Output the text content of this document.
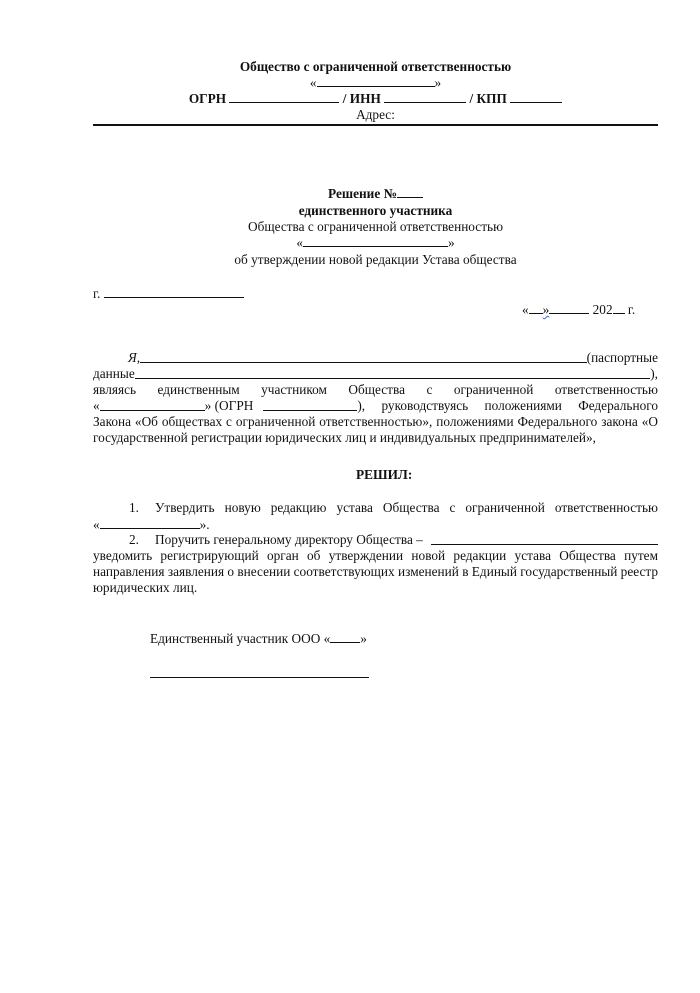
Общество с ограниченной ответственностью
«	»
ОГРН	/ ИНН	/ КПП
Адрес:
Решение №
единственного участника
Общества с ограниченной ответственностью
«	»
об утверждении новой редакции Устава общества
г.
« »	202 г.
Я,	(паспортные
данные	),
являясь единственным участником Общества с ограниченной ответственностью
«	» (ОГРН	), руководствуясь положениями Федерального
Закона «Об обществах с ограниченной ответственностью», положениями Федерального закона «О
государственной регистрации юридических лиц и индивидуальных предпринимателей»,
РЕШИЛ:
1.	Утвердить новую редакцию устава Общества с ограниченной ответственностью
«	».
2.	Поручить генеральному директору Общества –
уведомить регистрирующий орган об утверждении новой редакции устава Общества путем
направления заявления о внесении соответствующих изменений в Единый государственный реестр
юридических лиц.
Единственный участник ООО « »
